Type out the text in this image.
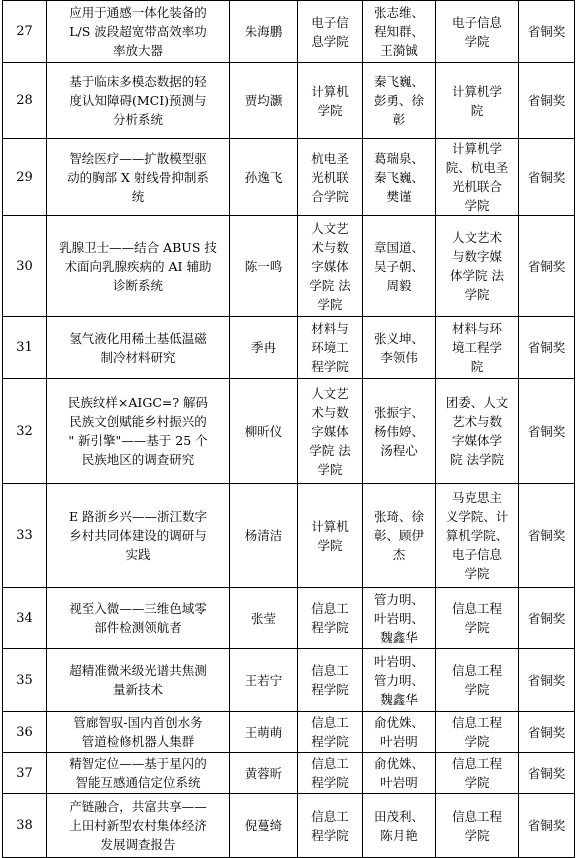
27	应用于通感一体化装备的
L/S 波段超宽带高效率功
率放大器	朱海鹏	电子信
息学院	张志维、
程知群、
王漪铖	电子信息
学院	省铜奖
28	基于临床多模态数据的轻
度认知障碍(MCI)预测与
分析系统	贾均灏	计算机
学院	秦飞巍、
彭勇、徐
彰	计算机学
院	省铜奖
29	智绘医疗——扩散模型驱
动的胸部 X 射线骨抑制系
统	孙逸飞	杭电圣
光机联
合学院	葛瑞泉、
秦飞巍、
樊谨	计算机学
院、杭电圣
光机联合
学院	省铜奖
30	乳腺卫士——结合 ABUS 技
术面向乳腺疾病的 AI 辅助
诊断系统	陈一鸣	人文艺
术与数
字媒体
学院 法
学院	章国道、
吴子朝、
周毅	人文艺术
与数字媒
体学院 法
学院	省铜奖
31	氢气液化用稀土基低温磁
制冷材料研究	季冉	材料与
环境工
程学院	张义坤、
李领伟	材料与环
境工程学
院	省铜奖
32	民族纹样×AIGC=? 解码
民族文创赋能乡村振兴的
" 新引擎"——基于 25 个
民族地区的调查研究	柳昕仪	人文艺
术与数
字媒体
学院 法
学院	张振宇、
杨伟婷、
汤程心	团委、人文
艺术与数
字媒体学
院 法学院	省铜奖
33	E 路浙乡兴——浙江数字
乡村共同体建设的调研与
实践	杨清洁	计算机
学院	张琦、徐
彰、顾伊
杰	马克思主
义学院、计
算机学院、
电子信息
学院	省铜奖
34	视至入微——三维色域零
部件检测领航者	张莹	信息工
程学院	管力明、
叶岩明、
魏鑫华	信息工程
学院	省铜奖
35	超精准微米级光谱共焦测
量新技术	王若宁	信息工
程学院	叶岩明、
管力明、
魏鑫华	信息工程
学院	省铜奖
36	管廊智驭-国内首创水务
管道检修机器人集群	王萌萌	信息工
程学院	俞优姝、
叶岩明	信息工程
学院	省铜奖
37	精智定位——基于星闪的
智能互感通信定位系统	黄蓉昕	信息工
程学院	俞优姝、
叶岩明	信息工程
学院	省铜奖
38	产链融合，共富共享——
上田村新型农村集体经济
发展调查报告	倪蔓绮	信息工
程学院	田茂利、
陈月艳	信息工程
学院	省铜奖
